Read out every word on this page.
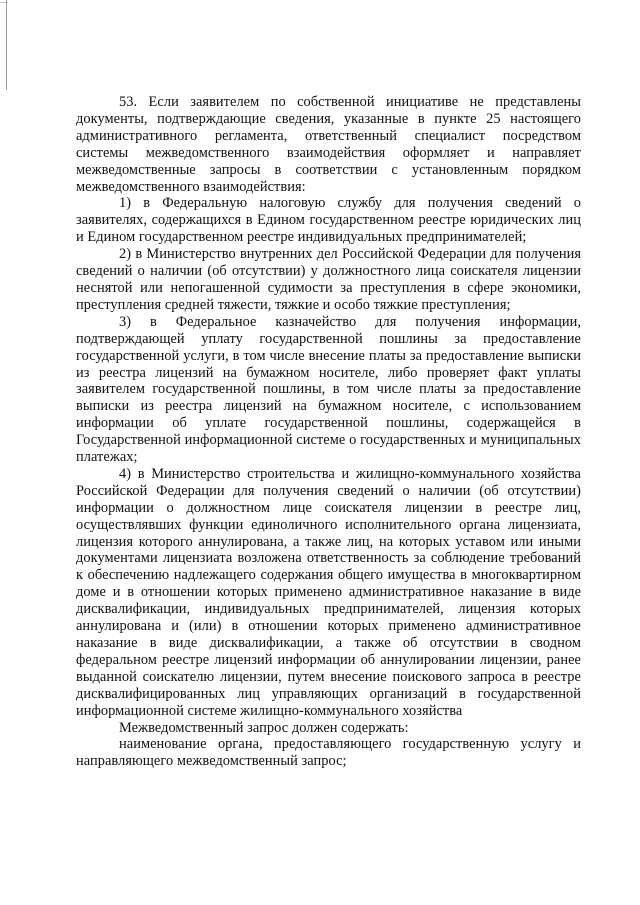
53. Если заявителем по собственной инициативе не представлены документы, подтверждающие сведения, указанные в пункте 25 настоящего административного регламента, ответственный специалист посредством системы межведомственного взаимодействия оформляет и направляет межведомственные запросы в соответствии с установленным порядком межведомственного взаимодействия:

1) в Федеральную налоговую службу для получения сведений о заявителях, содержащихся в Едином государственном реестре юридических лиц и Едином государственном реестре индивидуальных предпринимателей;

2) в Министерство внутренних дел Российской Федерации для получения сведений о наличии (об отсутствии) у должностного лица соискателя лицензии неснятой или непогашенной судимости за преступления в сфере экономики, преступления средней тяжести, тяжкие и особо тяжкие преступления;

3) в Федеральное казначейство для получения информации, подтверждающей уплату государственной пошлины за предоставление государственной услуги, в том числе внесение платы за предоставление выписки из реестра лицензий на бумажном носителе, либо проверяет факт уплаты заявителем государственной пошлины, в том числе платы за предоставление выписки из реестра лицензий на бумажном носителе, с использованием информации об уплате государственной пошлины, содержащейся в Государственной информационной системе о государственных и муниципальных платежах;

4) в Министерство строительства и жилищно-коммунального хозяйства Российской Федерации для получения сведений о наличии (об отсутствии) информации о должностном лице соискателя лицензии в реестре лиц, осуществлявших функции единоличного исполнительного органа лицензиата, лицензия которого аннулирована, а также лиц, на которых уставом или иными документами лицензиата возложена ответственность за соблюдение требований к обеспечению надлежащего содержания общего имущества в многоквартирном доме и в отношении которых применено административное наказание в виде дисквалификации, индивидуальных предпринимателей, лицензия которых аннулирована и (или) в отношении которых применено административное наказание в виде дисквалификации, а также об отсутствии в сводном федеральном реестре лицензий информации об аннулировании лицензии, ранее выданной соискателю лицензии, путем внесение поискового запроса в реестре дисквалифицированных лиц управляющих организаций в государственной информационной системе жилищно-коммунального хозяйства

Межведомственный запрос должен содержать:

наименование органа, предоставляющего государственную услугу и направляющего межведомственный запрос;
